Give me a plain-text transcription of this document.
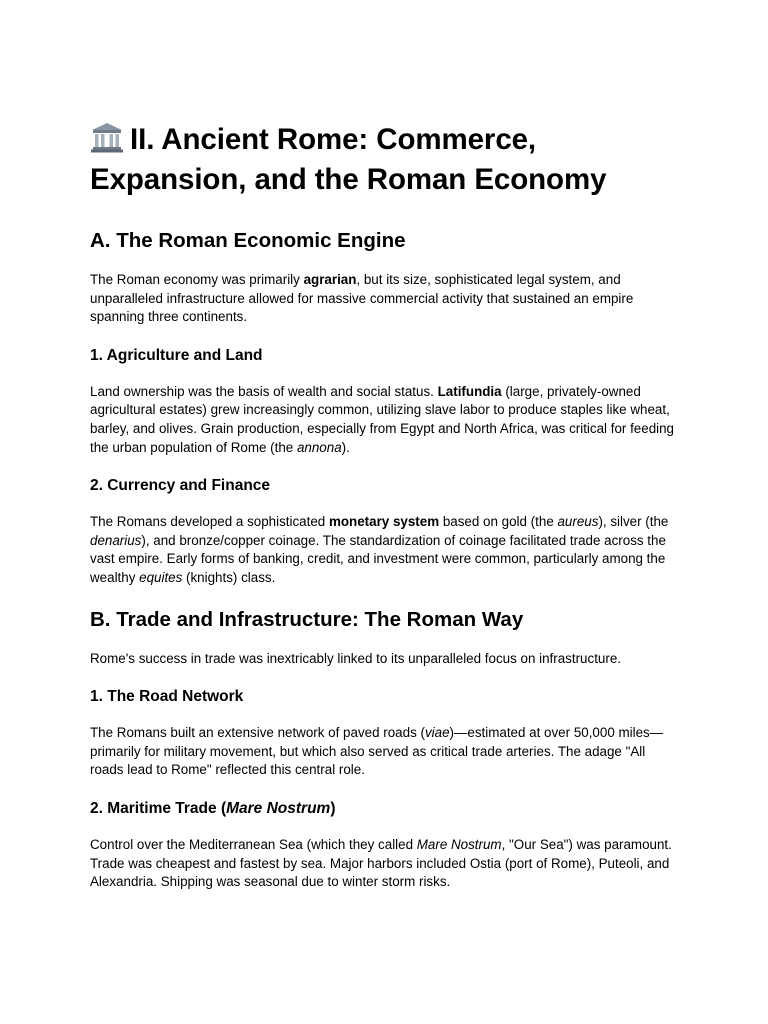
II. Ancient Rome: Commerce, Expansion, and the Roman Economy
A. The Roman Economic Engine

The Roman economy was primarily agrarian, but its size, sophisticated legal system, and unparalleled infrastructure allowed for massive commercial activity that sustained an empire spanning three continents.

1. Agriculture and Land

Land ownership was the basis of wealth and social status. Latifundia (large, privately-owned agricultural estates) grew increasingly common, utilizing slave labor to produce staples like wheat, barley, and olives. Grain production, especially from Egypt and North Africa, was critical for feeding the urban population of Rome (the annona).

2. Currency and Finance

The Romans developed a sophisticated monetary system based on gold (the aureus), silver (the denarius), and bronze/copper coinage. The standardization of coinage facilitated trade across the vast empire. Early forms of banking, credit, and investment were common, particularly among the wealthy equites (knights) class.

B. Trade and Infrastructure: The Roman Way

Rome's success in trade was inextricably linked to its unparalleled focus on infrastructure.

1. The Road Network

The Romans built an extensive network of paved roads (viae)—estimated at over 50,000 miles—primarily for military movement, but which also served as critical trade arteries. The adage "All roads lead to Rome" reflected this central role.

2. Maritime Trade (Mare Nostrum)

Control over the Mediterranean Sea (which they called Mare Nostrum, "Our Sea") was paramount. Trade was cheapest and fastest by sea. Major harbors included Ostia (port of Rome), Puteoli, and Alexandria. Shipping was seasonal due to winter storm risks.
